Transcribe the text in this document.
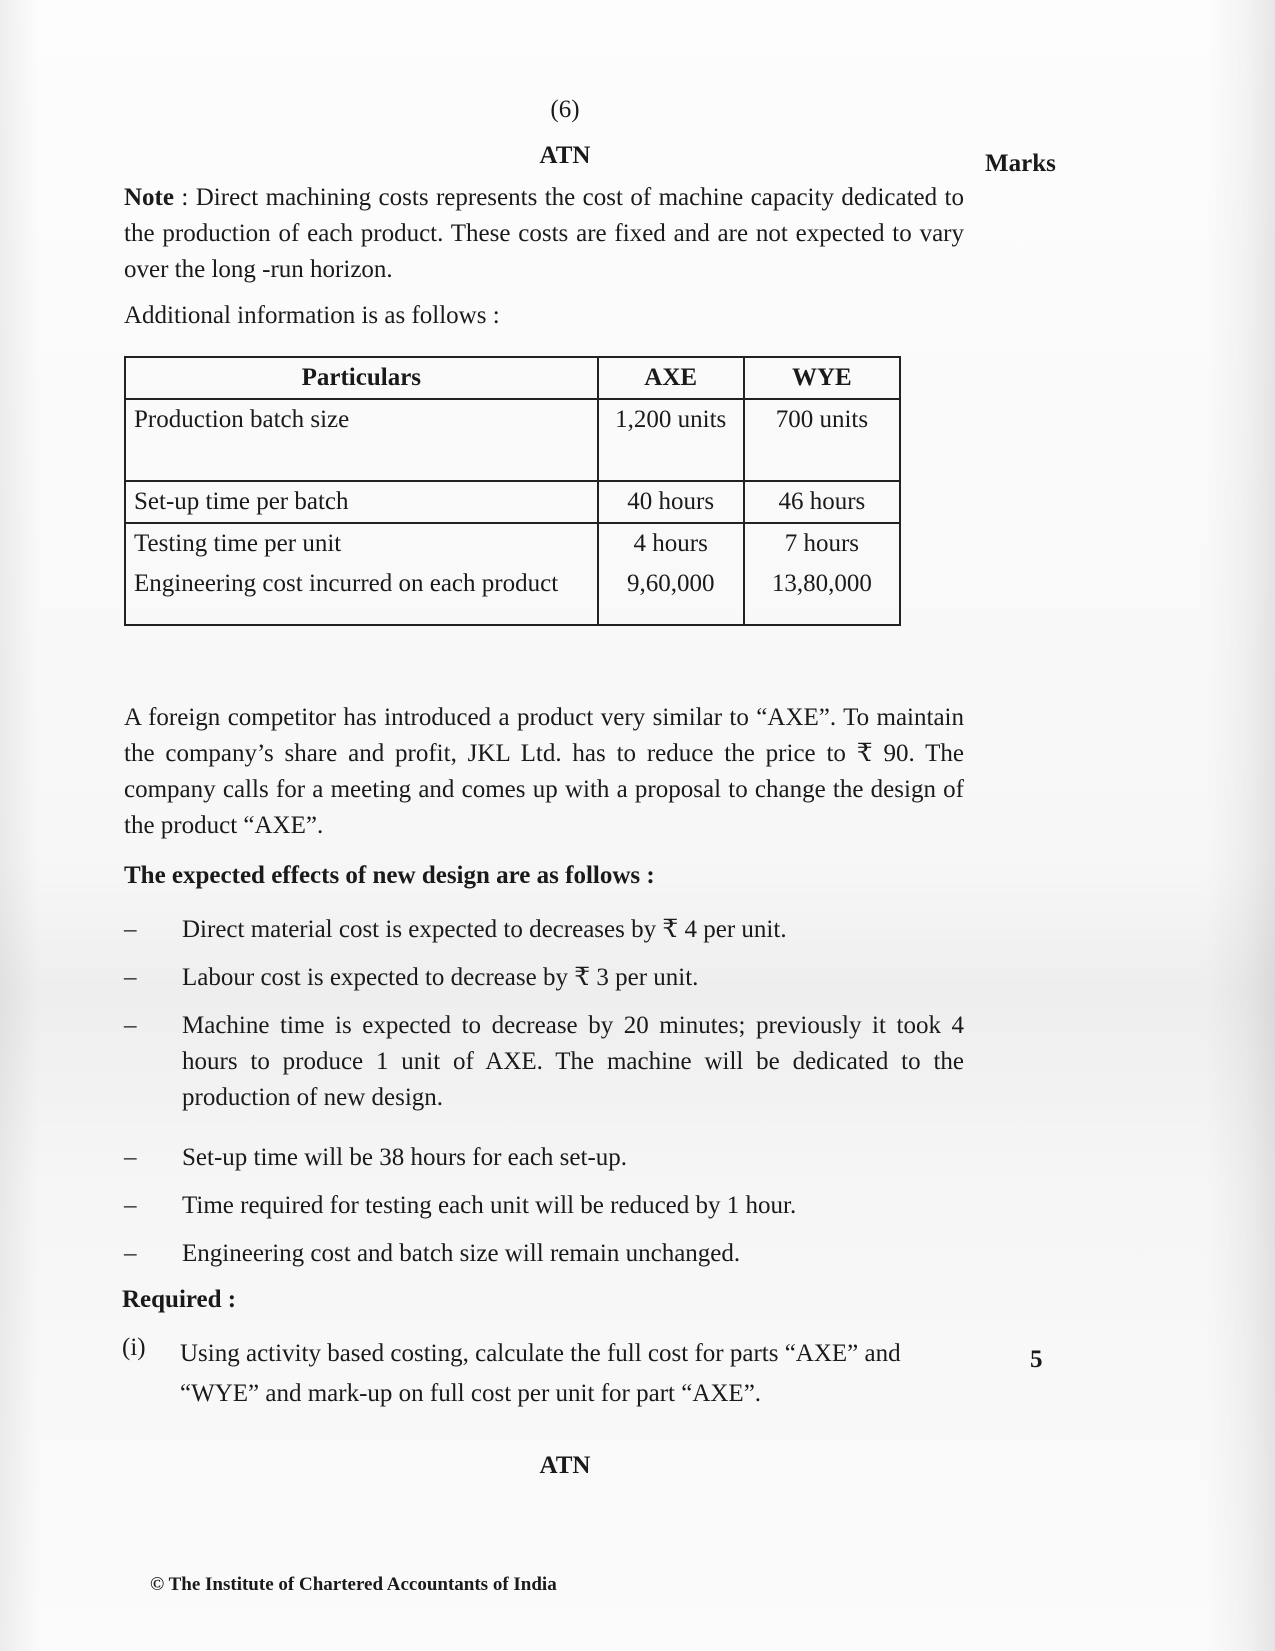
(6)
ATN	Marks
Note : Direct machining costs represents the cost of machine capacity dedicated to the production of each product. These costs are fixed and are not expected to vary over the long -run horizon.
Additional information is as follows :
Particulars	AXE	WYE
Production batch size	1,200 units	700 units
Set-up time per batch	40 hours	46 hours
Testing time per unit	4 hours	7 hours
Engineering cost incurred on each product	9,60,000	13,80,000
A foreign competitor has introduced a product very similar to “AXE”. To maintain the company’s share and profit, JKL Ltd. has to reduce the price to ₹ 90. The company calls for a meeting and comes up with a proposal to change the design of the product “AXE”.
The expected effects of new design are as follows :
–	Direct material cost is expected to decreases by ₹ 4 per unit.
–	Labour cost is expected to decrease by ₹ 3 per unit.
–	Machine time is expected to decrease by 20 minutes; previously it took 4 hours to produce 1 unit of AXE. The machine will be dedicated to the production of new design.
–	Set-up time will be 38 hours for each set-up.
–	Time required for testing each unit will be reduced by 1 hour.
–	Engineering cost and batch size will remain unchanged.
Required :
(i) Using activity based costing, calculate the full cost for parts “AXE” and “WYE” and mark-up on full cost per unit for part “AXE”.
5
ATN
© The Institute of Chartered Accountants of India
